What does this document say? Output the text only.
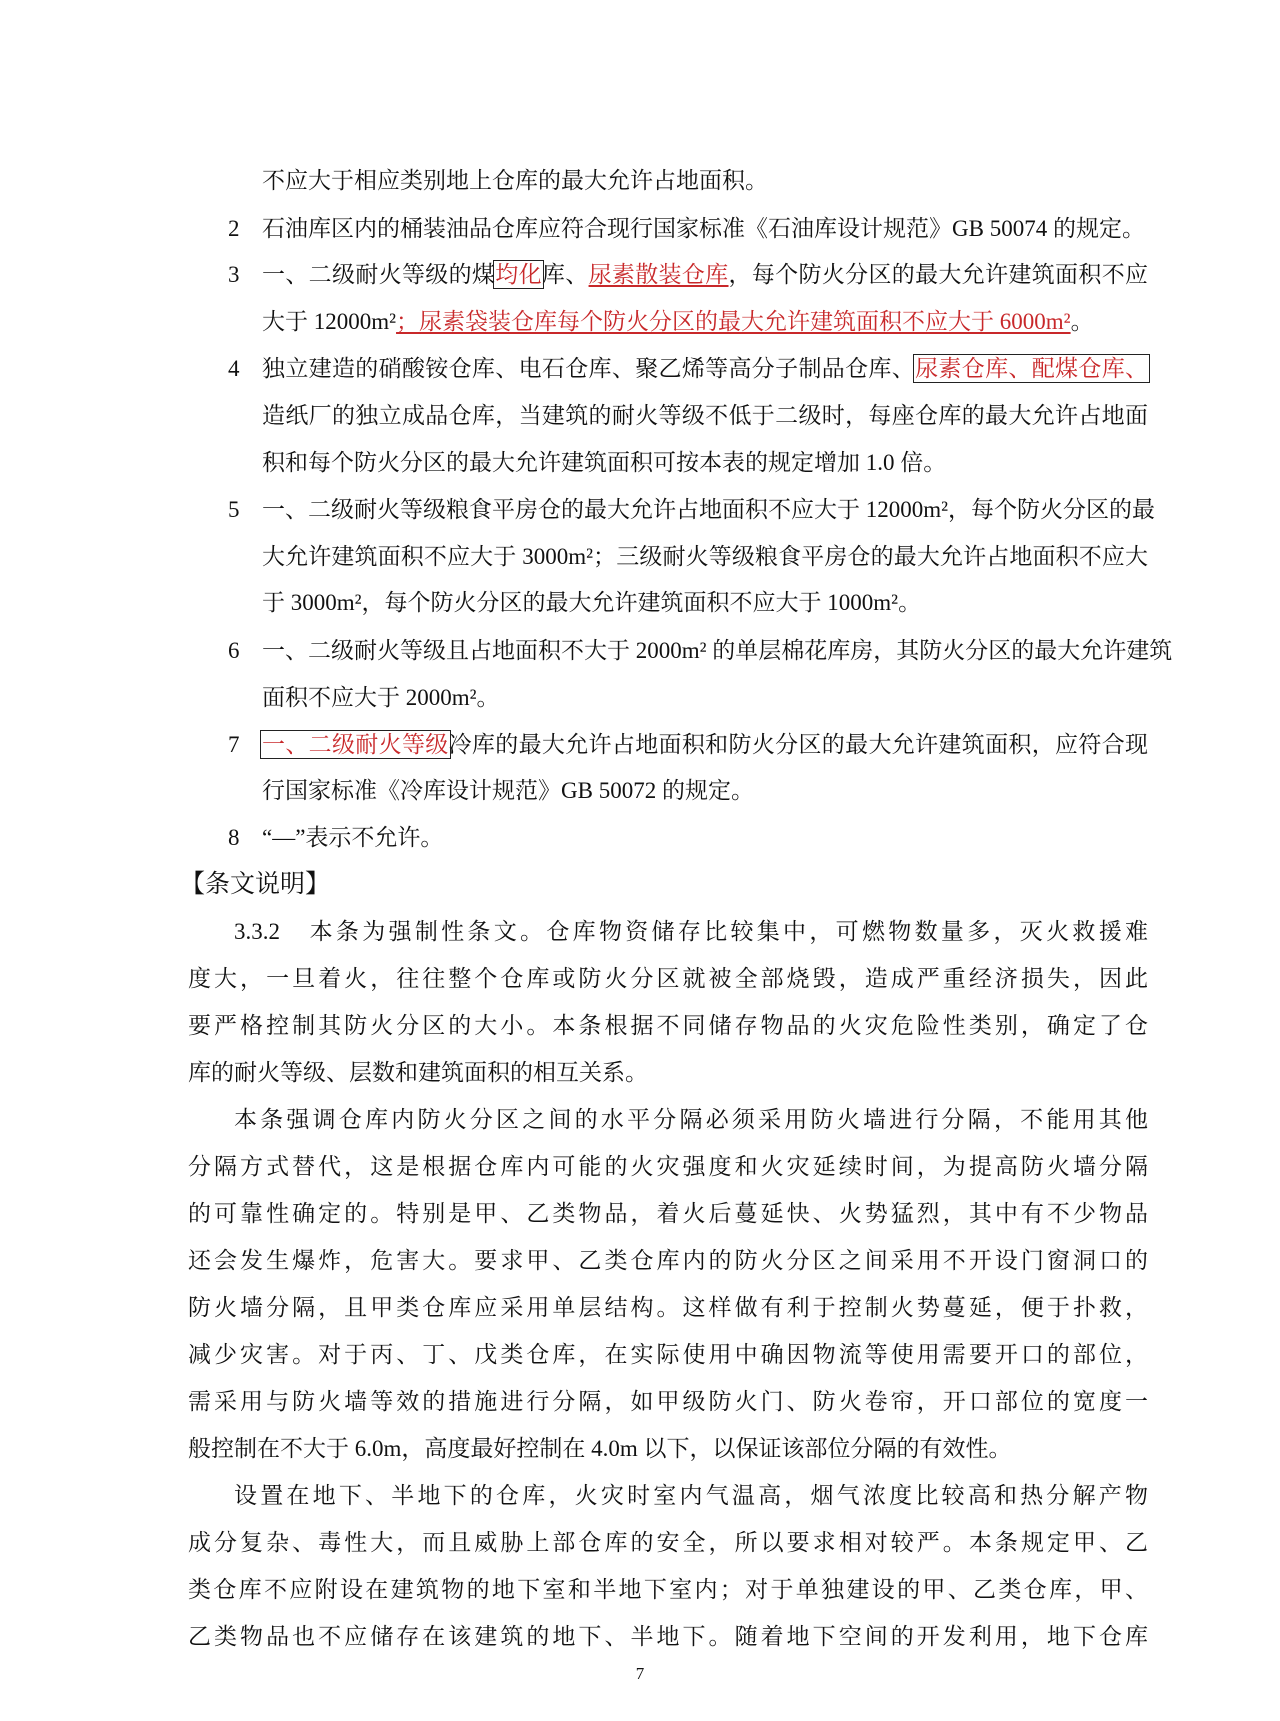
不应大于相应类别地上仓库的最大允许占地面积。
2 石油库区内的桶装油品仓库应符合现行国家标准《石油库设计规范》GB 50074 的规定。
3 一、二级耐火等级的煤均化库、尿素散装仓库，每个防火分区的最大允许建筑面积不应
大于 12000m²；尿素袋装仓库每个防火分区的最大允许建筑面积不应大于 6000m²。
4 独立建造的硝酸铵仓库、电石仓库、聚乙烯等高分子制品仓库、尿素仓库、配煤仓库、
造纸厂的独立成品仓库，当建筑的耐火等级不低于二级时，每座仓库的最大允许占地面
积和每个防火分区的最大允许建筑面积可按本表的规定增加 1.0 倍。
5 一、二级耐火等级粮食平房仓的最大允许占地面积不应大于 12000m²，每个防火分区的最
大允许建筑面积不应大于 3000m²；三级耐火等级粮食平房仓的最大允许占地面积不应大
于 3000m²，每个防火分区的最大允许建筑面积不应大于 1000m²。
6 一、二级耐火等级且占地面积不大于 2000m² 的单层棉花库房，其防火分区的最大允许建筑
面积不应大于 2000m²。
7 一、二级耐火等级冷库的最大允许占地面积和防火分区的最大允许建筑面积，应符合现
行国家标准《冷库设计规范》GB 50072 的规定。
8 “—”表示不允许。
【条文说明】
3.3.2　本条为强制性条文。仓库物资储存比较集中，可燃物数量多，灭火救援难
度大，一旦着火，往往整个仓库或防火分区就被全部烧毁，造成严重经济损失，因此
要严格控制其防火分区的大小。本条根据不同储存物品的火灾危险性类别，确定了仓
库的耐火等级、层数和建筑面积的相互关系。
本条强调仓库内防火分区之间的水平分隔必须采用防火墙进行分隔，不能用其他
分隔方式替代，这是根据仓库内可能的火灾强度和火灾延续时间，为提高防火墙分隔
的可靠性确定的。特别是甲、乙类物品，着火后蔓延快、火势猛烈，其中有不少物品
还会发生爆炸，危害大。要求甲、乙类仓库内的防火分区之间采用不开设门窗洞口的
防火墙分隔，且甲类仓库应采用单层结构。这样做有利于控制火势蔓延，便于扑救，
减少灾害。对于丙、丁、戊类仓库，在实际使用中确因物流等使用需要开口的部位，
需采用与防火墙等效的措施进行分隔，如甲级防火门、防火卷帘，开口部位的宽度一
般控制在不大于 6.0m，高度最好控制在 4.0m 以下，以保证该部位分隔的有效性。
设置在地下、半地下的仓库，火灾时室内气温高，烟气浓度比较高和热分解产物
成分复杂、毒性大，而且威胁上部仓库的安全，所以要求相对较严。本条规定甲、乙
类仓库不应附设在建筑物的地下室和半地下室内；对于单独建设的甲、乙类仓库，甲、
乙类物品也不应储存在该建筑的地下、半地下。随着地下空间的开发利用，地下仓库
7
